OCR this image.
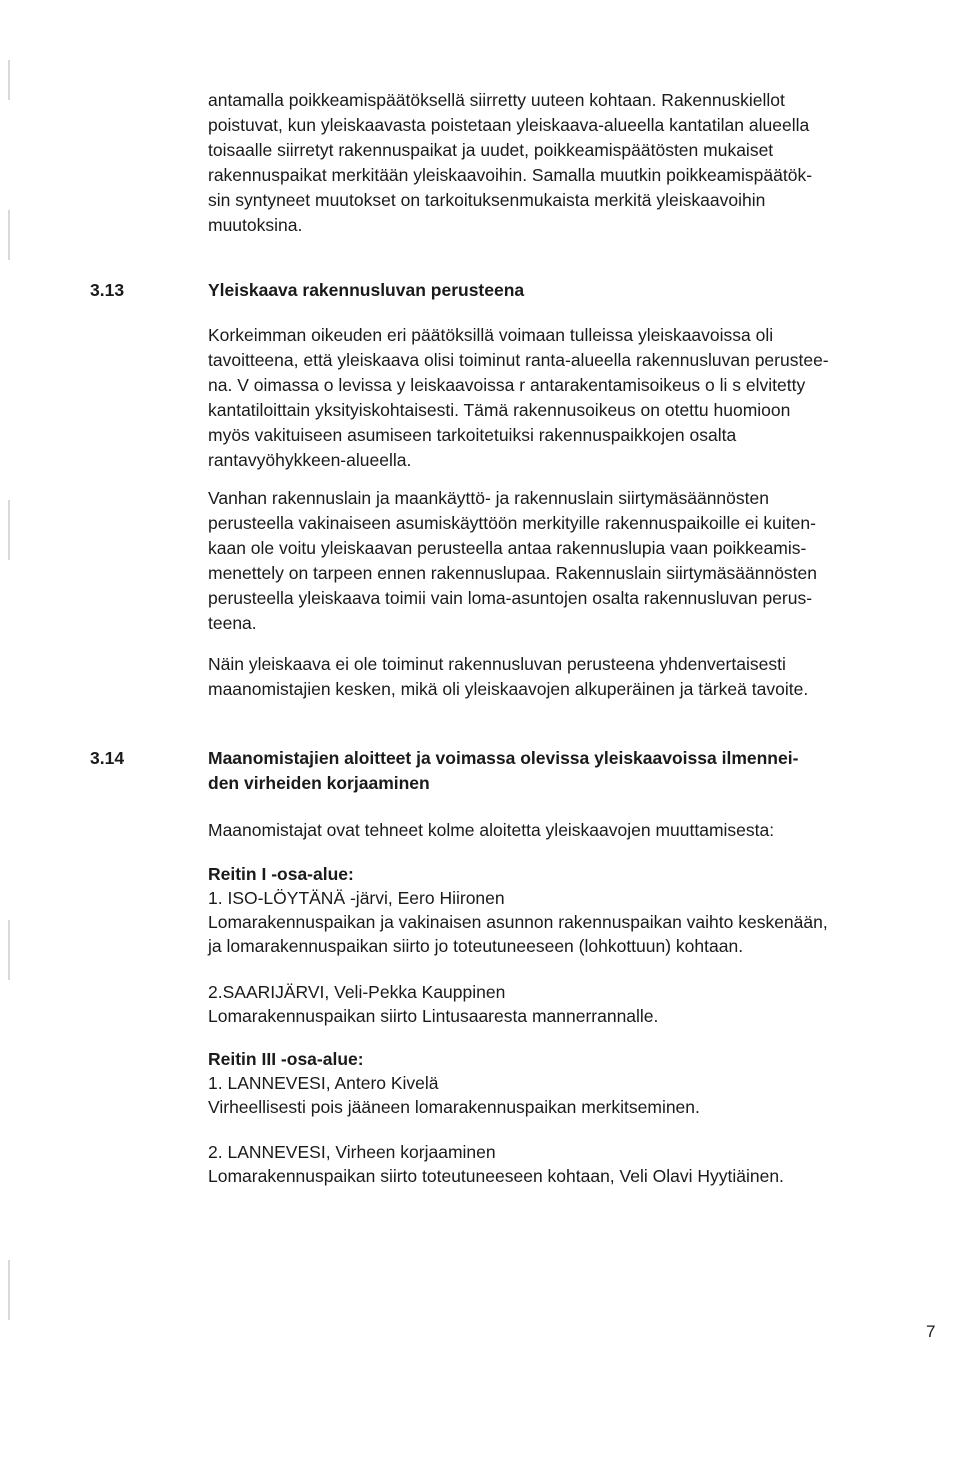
antamalla poikkeamispäätöksellä siirretty uuteen kohtaan. Rakennuskiellot
poistuvat, kun yleiskaavasta poistetaan yleiskaava-alueella kantatilan alueella
toisaalle siirretyt rakennuspaikat ja uudet, poikkeamispäätösten mukaiset
rakennuspaikat merkitään yleiskaavoihin. Samalla muutkin poikkeamispäätök-
sin syntyneet muutokset on tarkoituksenmukaista merkitä yleiskaavoihin
muutoksina.

3.13	Yleiskaava rakennusluvan perusteena

Korkeimman oikeuden eri päätöksillä voimaan tulleissa yleiskaavoissa oli
tavoitteena, että yleiskaava olisi toiminut ranta-alueella rakennusluvan perustee-
na. V oimassa o levissa y leiskaavoissa r antarakentamisoikeus o li s elvitetty
kantatiloittain yksityiskohtaisesti. Tämä rakennusoikeus on otettu huomioon
myös vakituiseen asumiseen tarkoitetuiksi rakennuspaikkojen osalta
rantavyöhykkeen-alueella.

Vanhan rakennuslain ja maankäyttö- ja rakennuslain siirtymäsäännösten
perusteella vakinaiseen asumiskäyttöön merkityille rakennuspaikoille ei kuiten-
kaan ole voitu yleiskaavan perusteella antaa rakennuslupia vaan poikkeamis-
menettely on tarpeen ennen rakennuslupaa. Rakennuslain siirtymäsäännösten
perusteella yleiskaava toimii vain loma-asuntojen osalta rakennusluvan perus-
teena.

Näin yleiskaava ei ole toiminut rakennusluvan perusteena yhdenvertaisesti
maanomistajien kesken, mikä oli yleiskaavojen alkuperäinen ja tärkeä tavoite.

3.14	Maanomistajien aloitteet ja voimassa olevissa yleiskaavoissa ilmennei-
den virheiden korjaaminen

Maanomistajat ovat tehneet kolme aloitetta yleiskaavojen muuttamisesta:

Reitin I -osa-alue:
1. ISO-LÖYTÄNÄ -järvi, Eero Hiironen
Lomarakennuspaikan ja vakinaisen asunnon rakennuspaikan vaihto keskenään,
ja lomarakennuspaikan siirto jo toteutuneeseen (lohkottuun) kohtaan.

2.SAARIJÄRVI, Veli-Pekka Kauppinen
Lomarakennuspaikan siirto Lintusaaresta mannerrannalle.

Reitin III -osa-alue:
1. LANNEVESI, Antero Kivelä
Virheellisesti pois jääneen lomarakennuspaikan merkitseminen.

2. LANNEVESI, Virheen korjaaminen
Lomarakennuspaikan siirto toteutuneeseen kohtaan, Veli Olavi Hyytiäinen.

7
